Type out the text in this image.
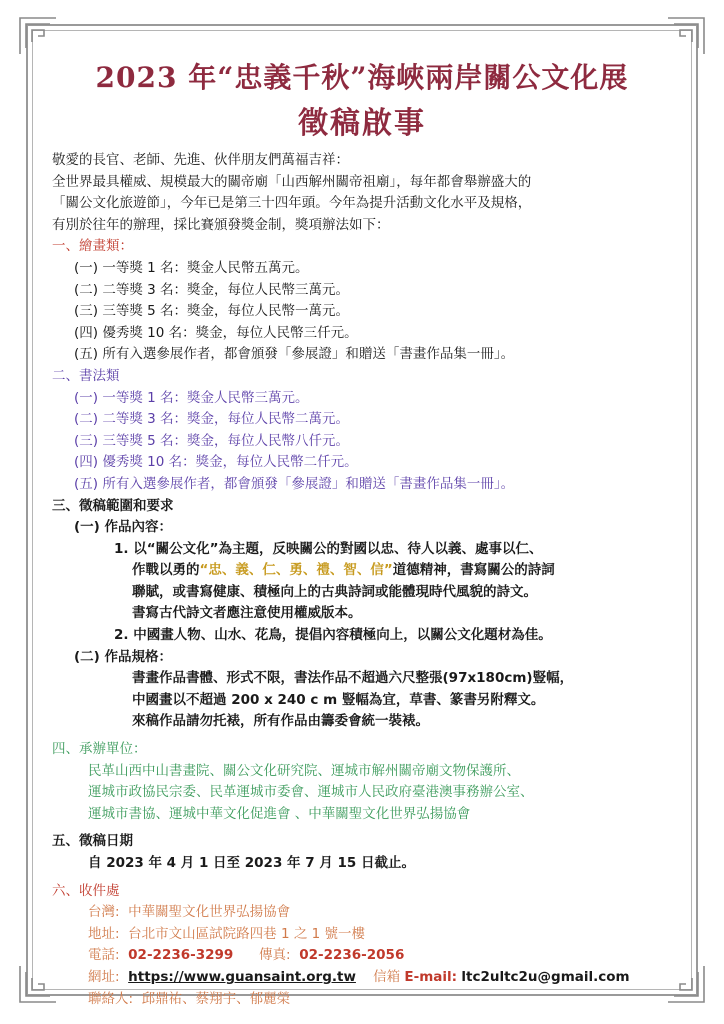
2023 年“忠義千秋”海峽兩岸關公文化展
徵稿啟事
敬愛的長官、老師、先進、伙伴朋友們萬福吉祥：
全世界最具權威、規模最大的關帝廟「山西解州關帝祖廟」，每年都會舉辦盛大的
「關公文化旅遊節」，今年已是第三十四年頭。今年為提升活動文化水平及規格，
有別於往年的辦理，採比賽頒發獎金制，獎項辦法如下：
一、繪畫類：
(一) 一等獎 1 名：獎金人民幣五萬元。
(二) 二等獎 3 名：獎金，每位人民幣三萬元。
(三) 三等獎 5 名：獎金，每位人民幣一萬元。
(四) 優秀獎 10 名：獎金，每位人民幣三仟元。
(五) 所有入選參展作者，都會頒發「參展證」和贈送「書畫作品集一冊」。
二、書法類
(一) 一等獎 1 名：獎金人民幣三萬元。
(二) 二等獎 3 名：獎金，每位人民幣二萬元。
(三) 三等獎 5 名：獎金，每位人民幣八仟元。
(四) 優秀獎 10 名：獎金，每位人民幣二仟元。
(五) 所有入選參展作者，都會頒發「參展證」和贈送「書畫作品集一冊」。
三、徵稿範圍和要求
(一) 作品內容：
1. 以“關公文化”為主題，反映關公的對國以忠、待人以義、處事以仁、
作戰以勇的“忠、義、仁、勇、禮、智、信”道德精神，書寫關公的詩詞
聯賦，或書寫健康、積極向上的古典詩詞或能體現時代風貌的詩文。
書寫古代詩文者應注意使用權威版本。
2. 中國畫人物、山水、花鳥，提倡內容積極向上，以關公文化題材為佳。
(二) 作品規格：
書畫作品書體、形式不限，書法作品不超過六尺整張(97x180cm)豎幅，
中國畫以不超過 200 x 240 c m 豎幅為宜，草書、篆書另附釋文。
來稿作品請勿托裱，所有作品由籌委會統一裝裱。
四、承辦單位：
民革山西中山書畫院、關公文化研究院、運城市解州關帝廟文物保護所、
運城市政協民宗委、民革運城市委會、運城市人民政府臺港澳事務辦公室、
運城市書協、運城中華文化促進會 、中華關聖文化世界弘揚協會
五、徵稿日期
自 2023 年 4 月 1 日至 2023 年 7 月 15 日截止。
六、收件處
台灣: 中華關聖文化世界弘揚協會
地址: 台北市文山區試院路四巷 1 之 1 號一樓
電話: 02-2236-3299 傳真: 02-2236-2056
網址: https://www.guansaint.org.tw 信箱 E-mail: ltc2ultc2u@gmail.com
聯絡人: 邱鼎祐、蔡翔宇、郁麗榮
